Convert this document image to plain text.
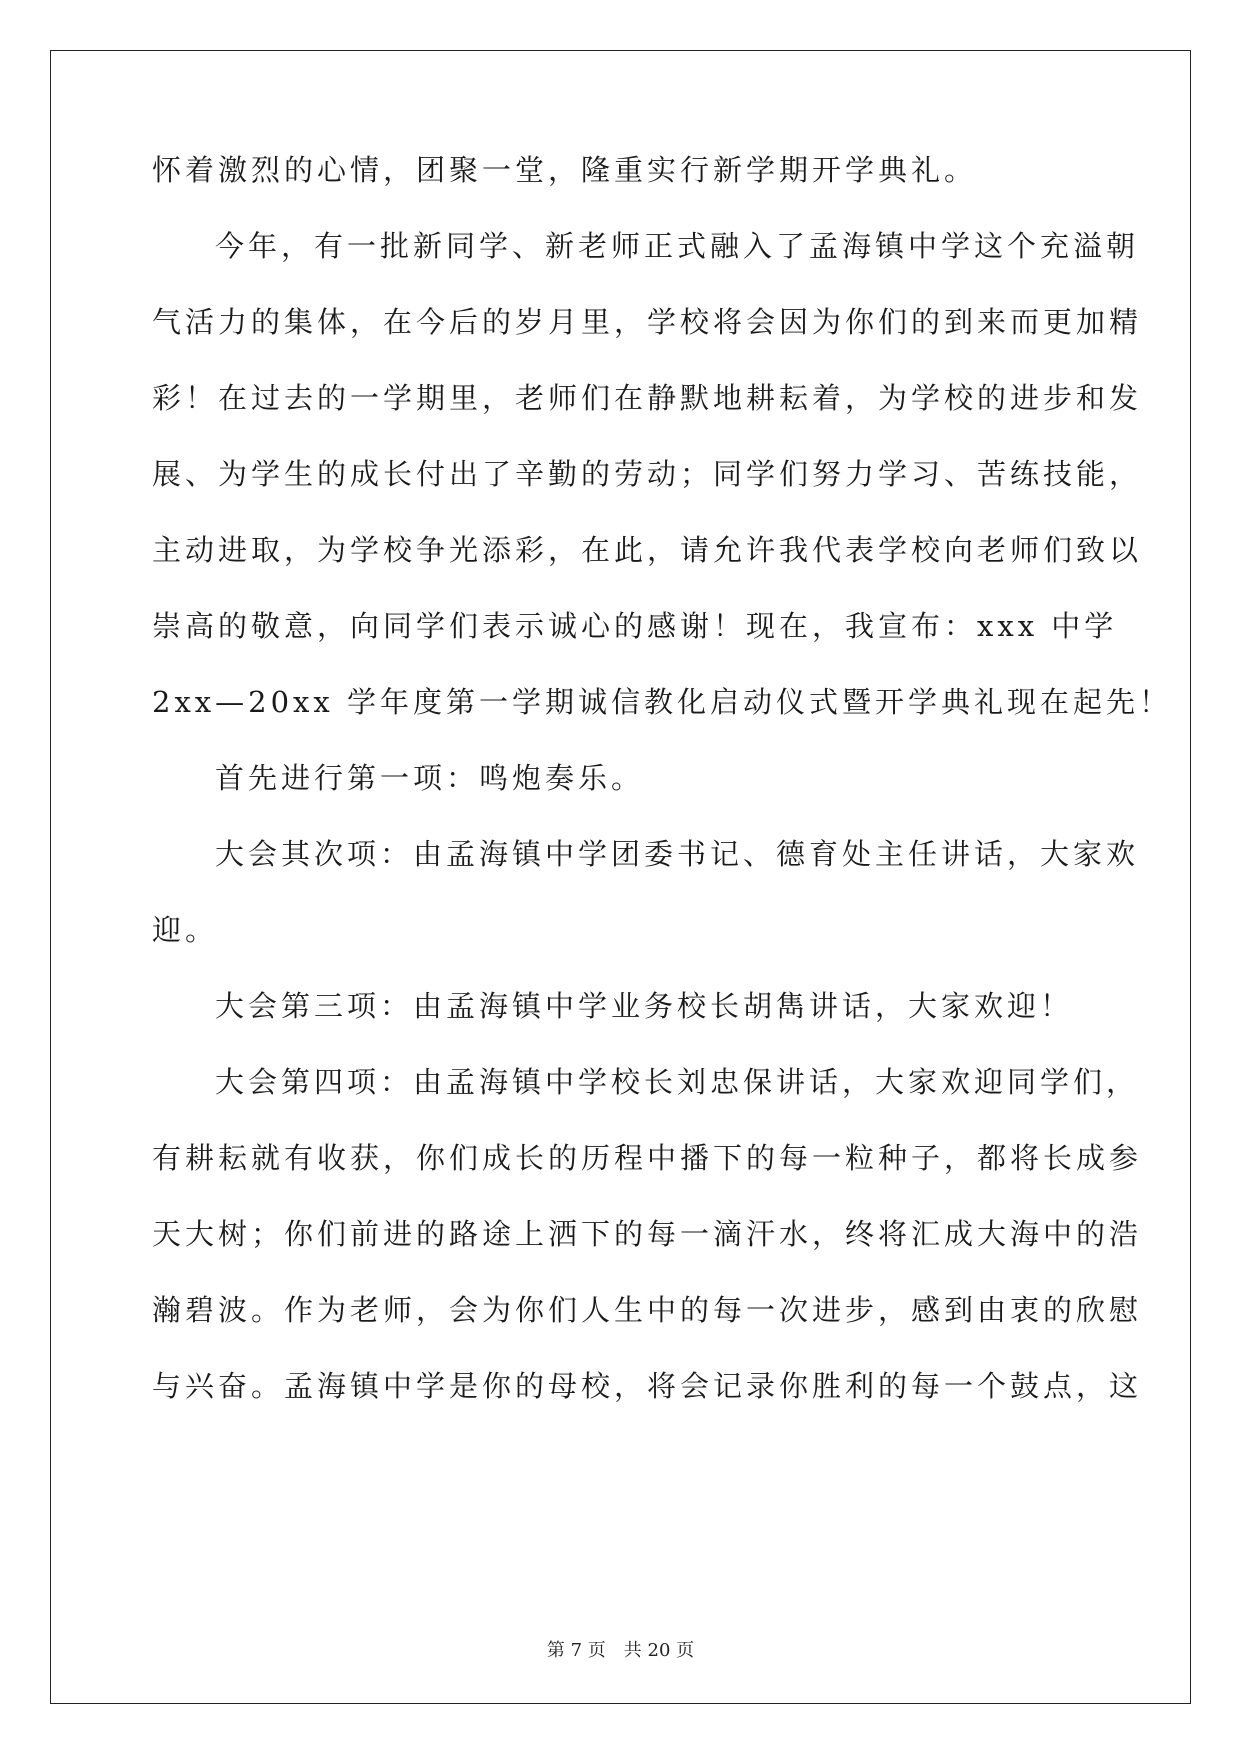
怀着激烈的心情，团聚一堂，隆重实行新学期开学典礼。
今年，有一批新同学、新老师正式融入了孟海镇中学这个充溢朝
气活力的集体，在今后的岁月里，学校将会因为你们的到来而更加精
彩！在过去的一学期里，老师们在静默地耕耘着，为学校的进步和发
展、为学生的成长付出了辛勤的劳动；同学们努力学习、苦练技能，
主动进取，为学校争光添彩，在此，请允许我代表学校向老师们致以
崇高的敬意，向同学们表示诚心的感谢！现在，我宣布：xxx 中学
2xx—20xx 学年度第一学期诚信教化启动仪式暨开学典礼现在起先！
首先进行第一项：鸣炮奏乐。
大会其次项：由孟海镇中学团委书记、德育处主任讲话，大家欢
迎。
大会第三项：由孟海镇中学业务校长胡雋讲话，大家欢迎！
大会第四项：由孟海镇中学校长刘忠保讲话，大家欢迎同学们，
有耕耘就有收获，你们成长的历程中播下的每一粒种子，都将长成参
天大树；你们前进的路途上洒下的每一滴汗水，终将汇成大海中的浩
瀚碧波。作为老师，会为你们人生中的每一次进步，感到由衷的欣慰
与兴奋。孟海镇中学是你的母校，将会记录你胜利的每一个鼓点，这
第 7 页 共 20 页
